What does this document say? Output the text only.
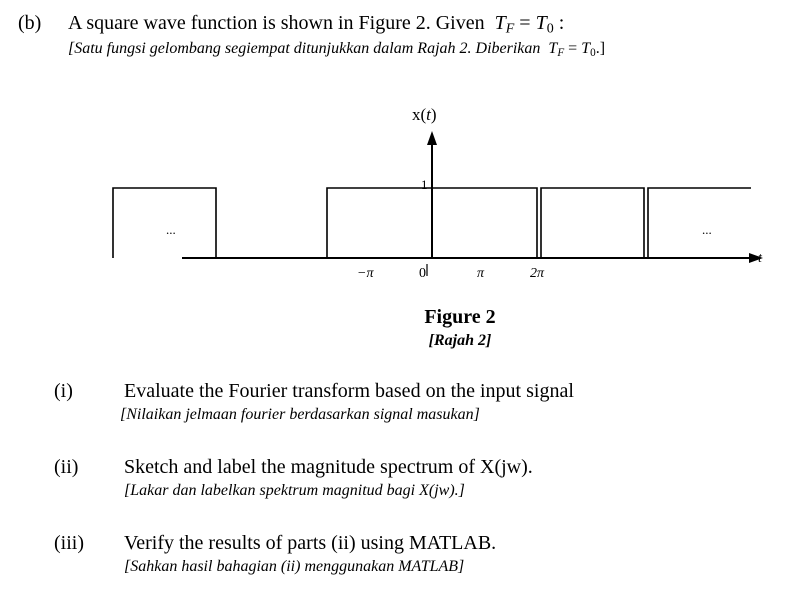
(b) A square wave function is shown in Figure 2. Given $T_F = T_0$ :
[Satu fungsi gelombang segiempat ditunjukkan dalam Rajah 2. Diberikan $T_F = T_0$.]
x(t)
t
1
...	...
−π	0	π	2π
Figure 2
[Rajah 2]
(i)	Evaluate the Fourier transform based on the input signal
[Nilaikan jelmaan fourier berdasarkan signal masukan]
(ii) Sketch and label the magnitude spectrum of X(jw).
[Lakar dan labelkan spektrum magnitud bagi X(jw).]
(iii) Verify the results of parts (ii) using MATLAB.
[Sahkan hasil bahagian (ii) menggunakan MATLAB]
